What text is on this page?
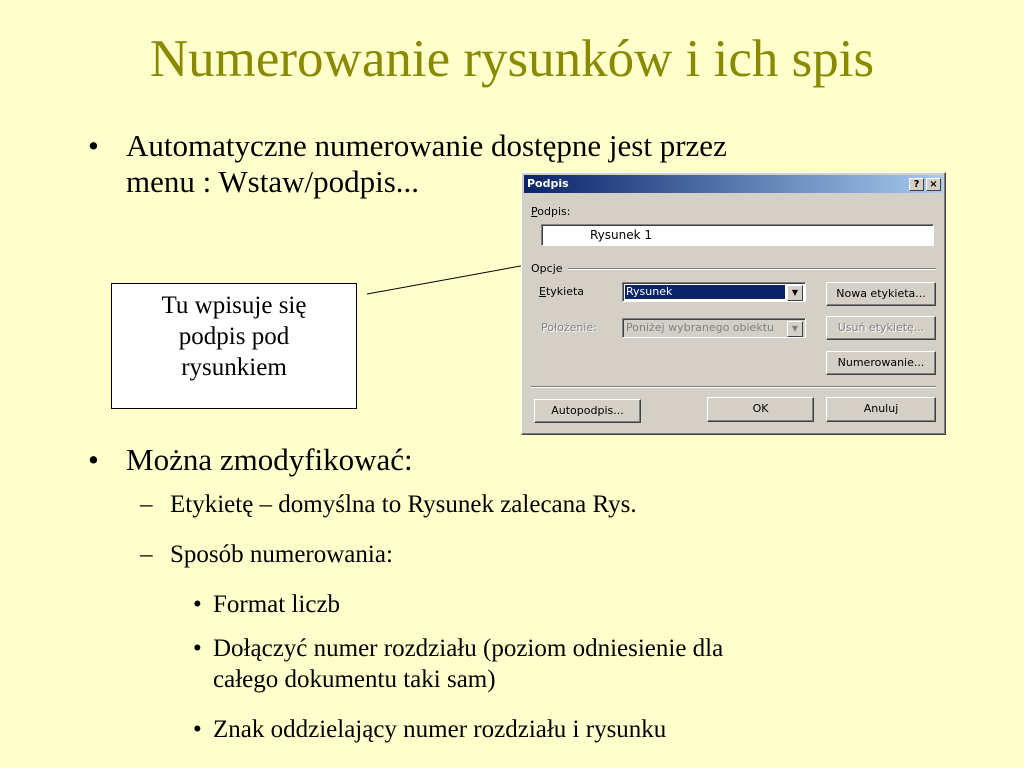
Numerowanie rysunków i ich spis
• Automatyczne numerowanie dostępne jest przez
menu : Wstaw/podpis...
Tu wpisuje się
podpis pod
rysunkiem
Podpis	? ×
Podpis:
Rysunek 1
Opcje
Etykieta	Rysunek	▼	Nowa etykieta...
Położenie:	Poniżej wybranego obiektu	▼	Usuń etykietę...
Numerowanie...
Autopodpis...	OK	Anuluj
• Można zmodyfikować:
– Etykietę – domyślna to Rysunek zalecana Rys.
– Sposób numerowania:
• Format liczb
• Dołączyć numer rozdziału (poziom odniesienie dla
całego dokumentu taki sam)
• Znak oddzielający numer rozdziału i rysunku
